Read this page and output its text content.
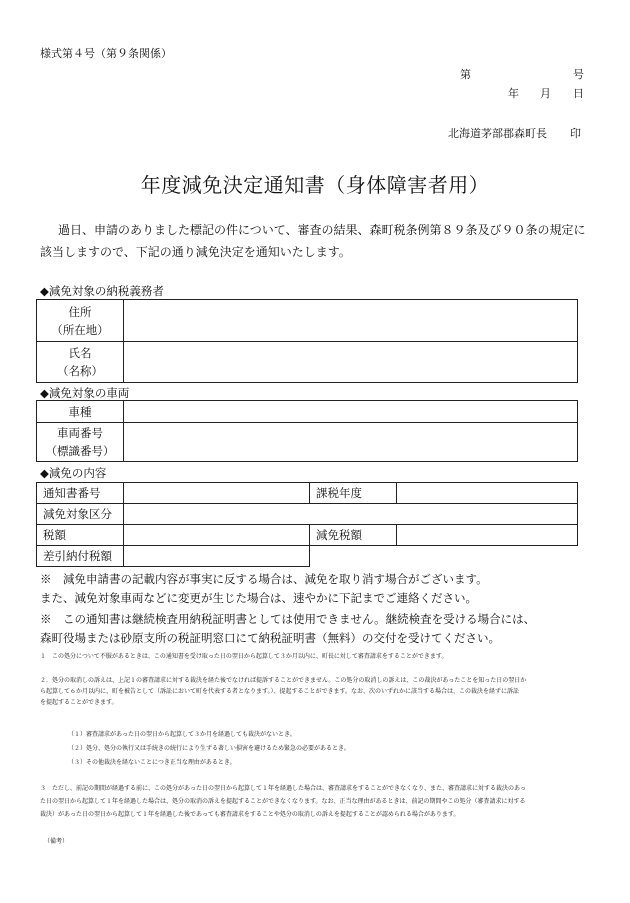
様式第４号（第９条関係）
第	号
年 月 日
北海道茅部郡森町長 印
年度減免決定通知書（身体障害者用）
過日、申請のありました標記の件について、審査の結果、森町税条例第８９条及び９０条の規定に該当しますので、下記の通り減免決定を通知いたします。
◆減免対象の納税義務者
住所
（所在地）	

氏名
（名称）	

◆減免対象の車両
車種	

車両番号
（標識番号）	

◆減免の内容
通知書番号		課税年度	
減免対象区分			
税額		減免税額	
差引納付税額			
※　減免申請書の記載内容が事実に反する場合は、減免を取り消す場合がございます。
また、減免対象車両などに変更が生じた場合は、速やかに下記までご連絡ください。
※　この通知書は継続検査用納税証明書としては使用できません。継続検査を受ける場合には、
森町役場または砂原支所の税証明窓口にて納税証明書（無料）の交付を受けてください。
１　この処分について不服があるときは、この通知書を受け取った日の翌日から起算して３か月以内に、町長に対して審査請求をすることができます。
２．処分の取消しの訴えは、上記１の審査請求に対する裁決を経た後でなければ提訴することができません。この処分の取消しの訴えは、この裁決があったことを知った日の翌日か
ら起算して６か月以内に、町を被告として（訴訟において町を代表する者となります。）、提起することができます。なお、次のいずれかに該当する場合は、この裁決を経ずに訴訟
を提起することができます。
（１）審査請求があった日の翌日から起算して３か月を経過しても裁決がないとき。
（２）処分、処分の執行又は手続きの続行により生ずる著しい損害を避けるため緊急の必要があるとき。
（３）その他裁決を経ないことにつき正当な理由があるとき。
３　ただし、前記の期間が経過する前に、この処分があった日の翌日から起算して１年を経過した場合は、審査請求をすることができなくなり、また、審査請求に対する裁決のあっ
た日の翌日から起算して１年を経過した場合は、処分の取消の訴えを提起することができなくなります。なお、正当な理由があるときは、前記の期間やこの処分（審査請求に対する
裁決）があった日の翌日から起算して１年を経過した後であっても審査請求をすることや処分の取消しの訴えを提起することが認められる場合があります。
（備考）
